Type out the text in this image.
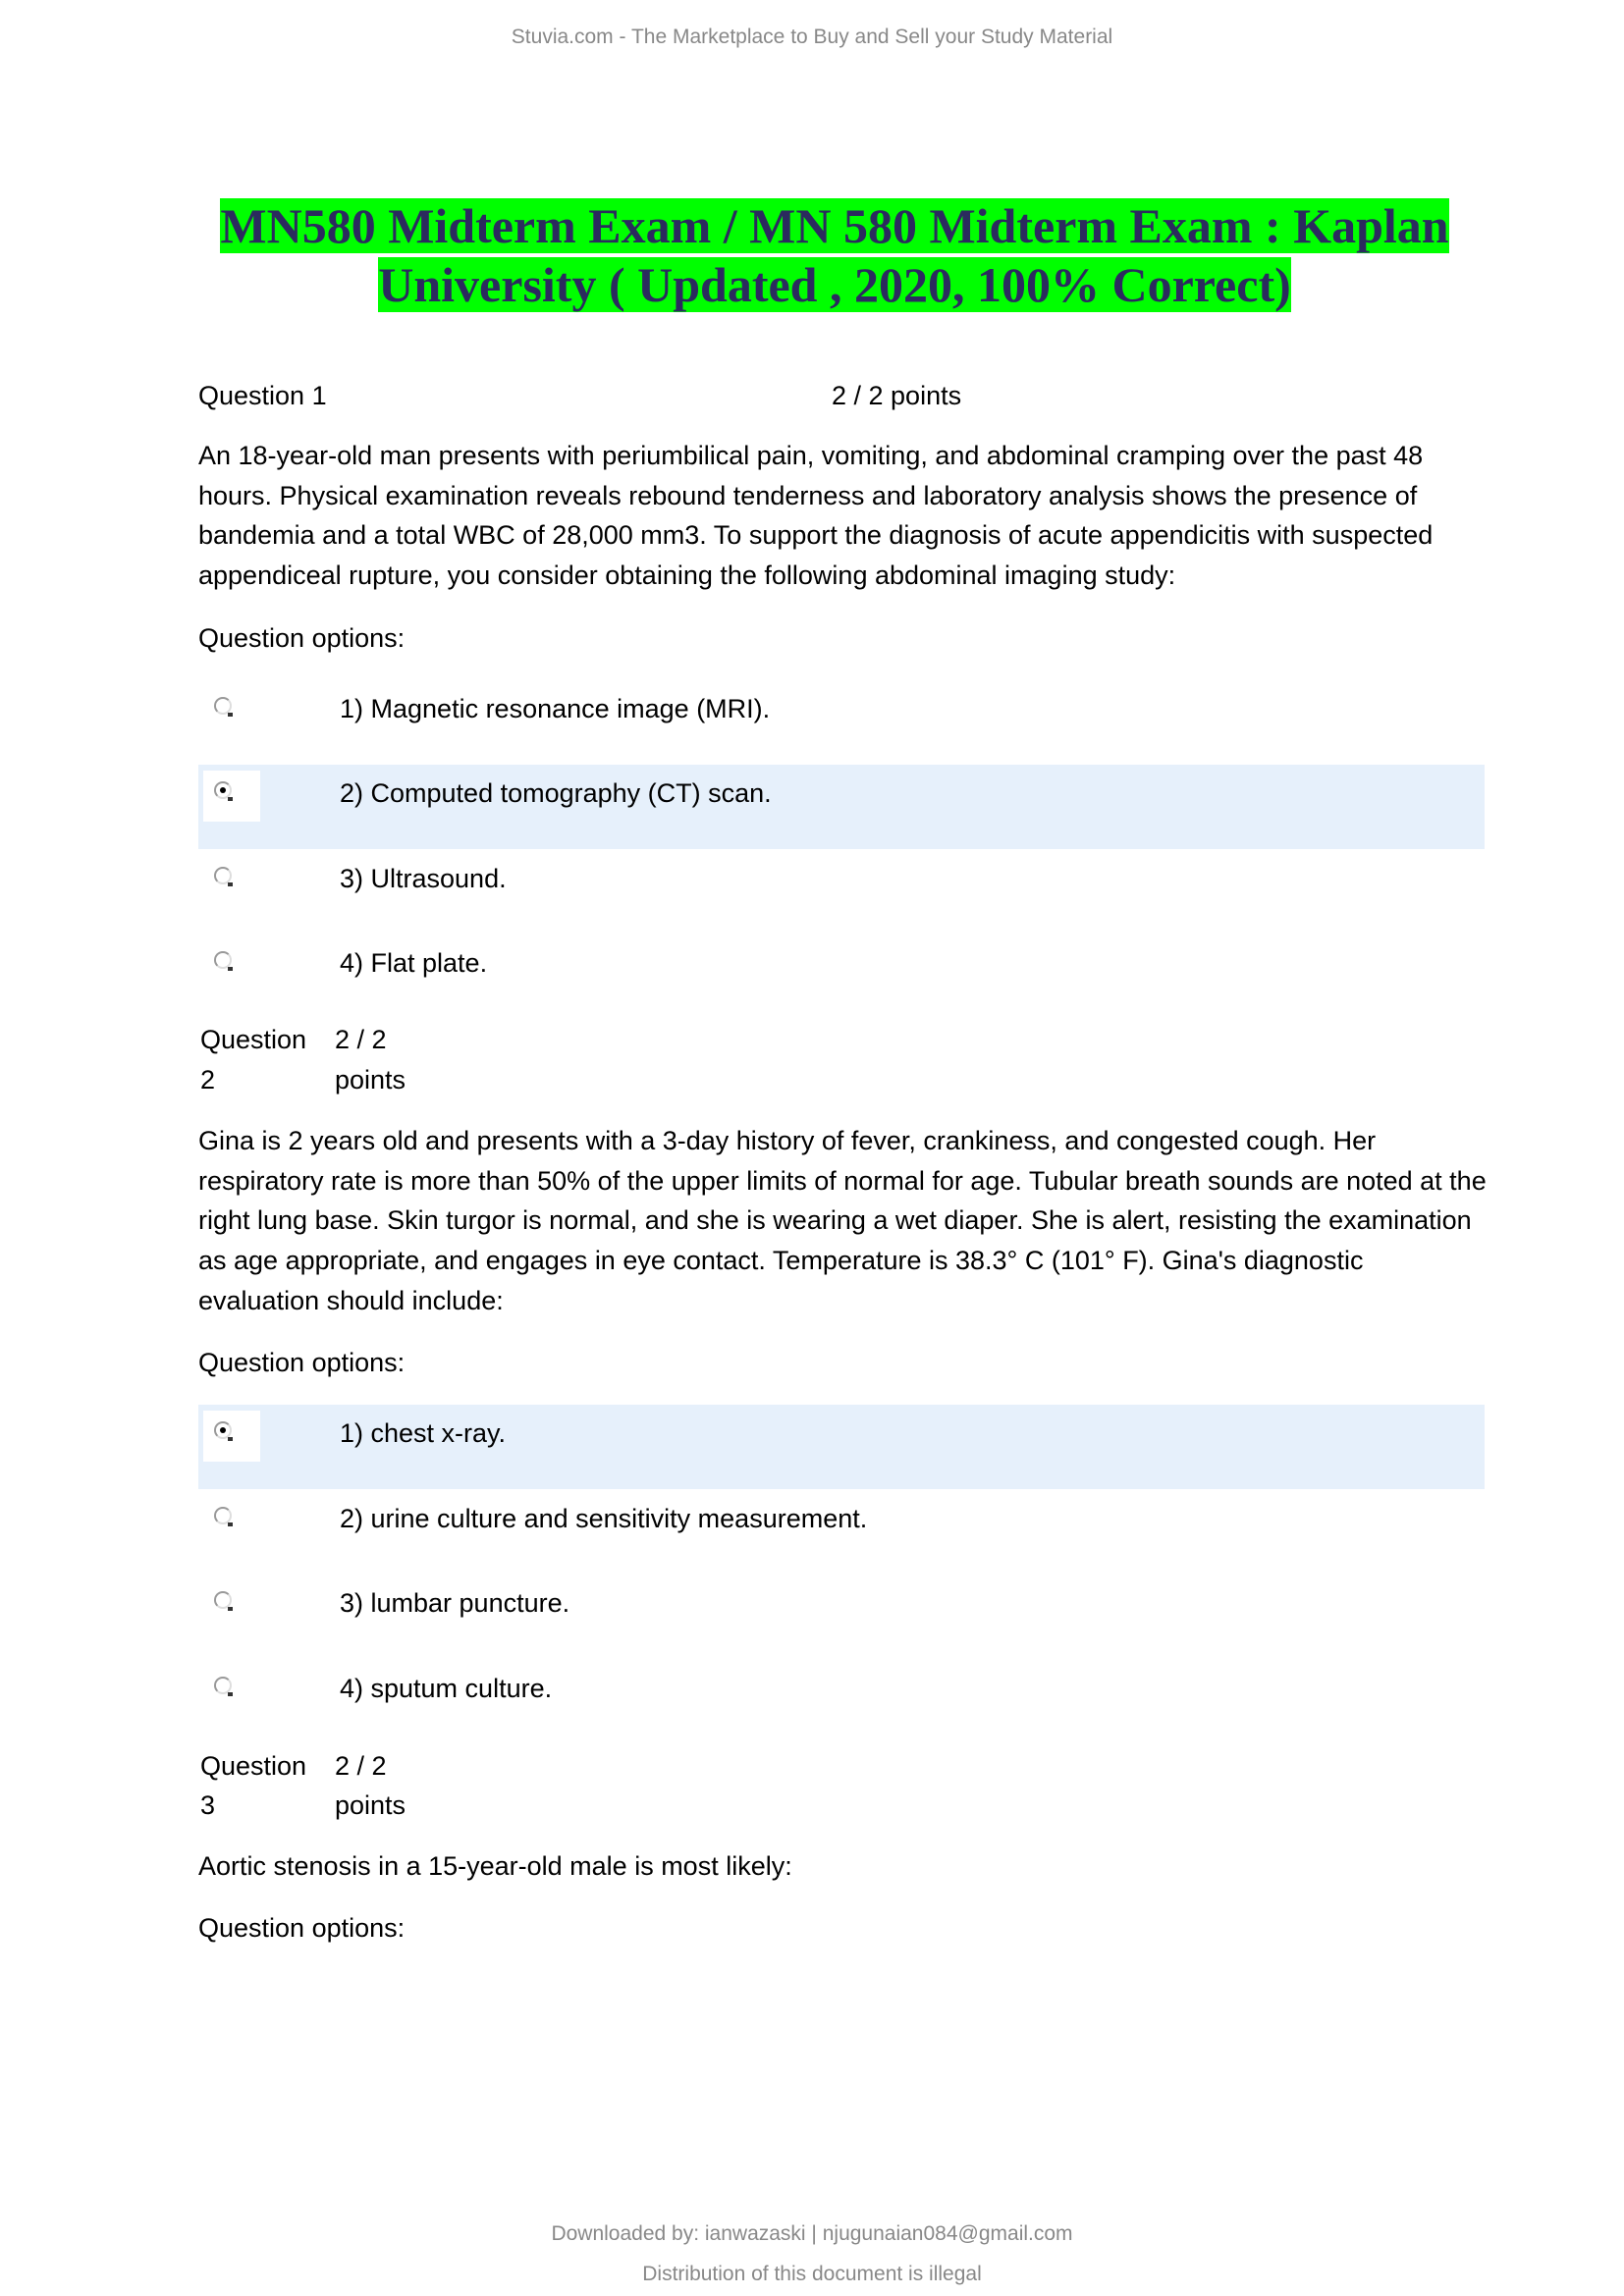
Stuvia.com - The Marketplace to Buy and Sell your Study Material
MN580 Midterm Exam / MN 580 Midterm Exam : Kaplan
University ( Updated , 2020, 100% Correct)
Question 1	2 / 2 points
An 18-year-old man presents with periumbilical pain, vomiting, and abdominal cramping over the past 48 hours. Physical examination reveals rebound tenderness and laboratory analysis shows the presence of bandemia and a total WBC of 28,000 mm3. To support the diagnosis of acute appendicitis with suspected appendiceal rupture, you consider obtaining the following abdominal imaging study:
Question options:
1) Magnetic resonance image (MRI).
2) Computed tomography (CT) scan.
3) Ultrasound.
4) Flat plate.
Question
2
2 / 2
points
Gina is 2 years old and presents with a 3-day history of fever, crankiness, and congested cough. Her respiratory rate is more than 50% of the upper limits of normal for age. Tubular breath sounds are noted at the right lung base. Skin turgor is normal, and she is wearing a wet diaper. She is alert, resisting the examination as age appropriate, and engages in eye contact. Temperature is 38.3° C (101° F). Gina's diagnostic evaluation should include:
Question options:
1) chest x-ray.
2) urine culture and sensitivity measurement.
3) lumbar puncture.
4) sputum culture.
Question
3
2 / 2
points
Aortic stenosis in a 15-year-old male is most likely:
Question options:
Downloaded by: ianwazaski | njugunaian084@gmail.com
Distribution of this document is illegal
